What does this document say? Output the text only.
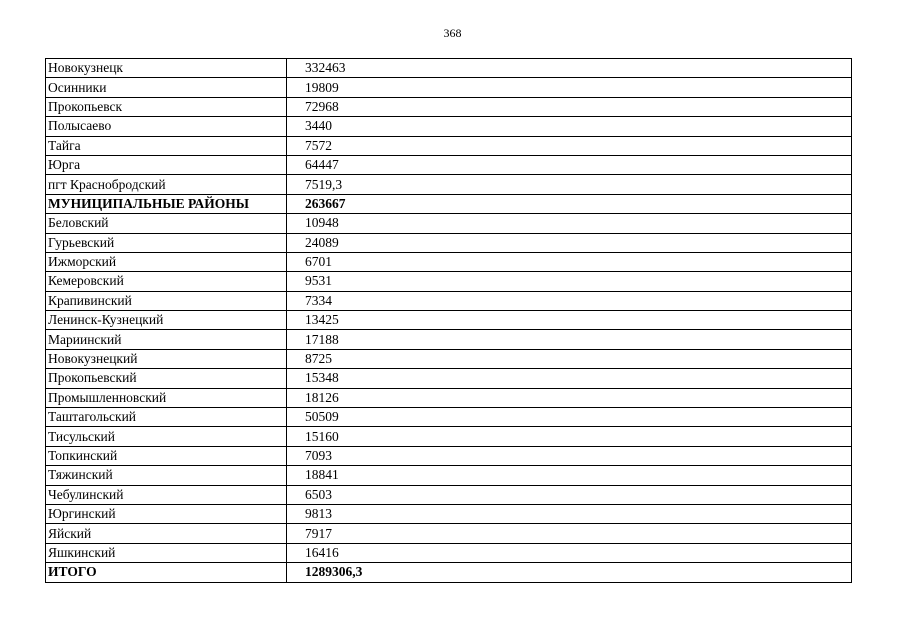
368
Новокузнецк	332463
Осинники	19809
Прокопьевск	72968
Полысаево	3440
Тайга	7572
Юрга	64447
пгт Краснобродский	7519,3
МУНИЦИПАЛЬНЫЕ РАЙОНЫ	263667
Беловский	10948
Гурьевский	24089
Ижморский	6701
Кемеровский	9531
Крапивинский	7334
Ленинск-Кузнецкий	13425
Мариинский	17188
Новокузнецкий	8725
Прокопьевский	15348
Промышленновский	18126
Таштагольский	50509
Тисульский	15160
Топкинский	7093
Тяжинский	18841
Чебулинский	6503
Юргинский	9813
Яйский	7917
Яшкинский	16416
ИТОГО	1289306,3
